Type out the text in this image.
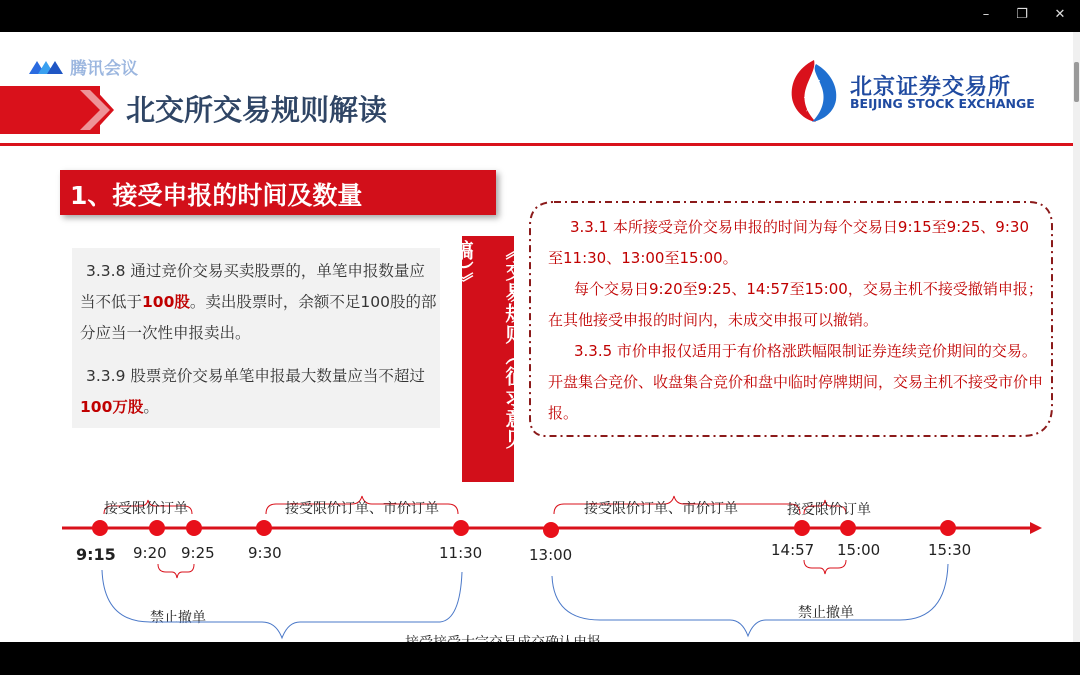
–	❐	✕
腾讯会议
北交所交易规则解读
北京证券交易所
BEIJING STOCK EXCHANGE
1、接受申报的时间及数量
3.3.8 通过竞价交易买卖股票的，单笔申报数量应当不低于100股。卖出股票时，余额不足100股的部分应当一次性申报卖出。
3.3.9 股票竞价交易单笔申报最大数量应当不超过100万股。	《交易规则（征求意见稿）》
3.3.1 本所接受竞价交易申报的时间为每个交易日9:15至9:25、9:30至11:30、13:00至15:00。
每个交易日9:20至9:25、14:57至15:00，交易主机不接受撤销申报；在其他接受申报的时间内，未成交申报可以撤销。
3.3.5 市价申报仅适用于有价格涨跌幅限制证券连续竞价期间的交易。开盘集合竞价、收盘集合竞价和盘中临时停牌期间，交易主机不接受市价申报。
9:15 9:20 9:25 9:30	11:30	13:00	14:57 15:00	15:30
接受限价订单	接受限价订单、市价订单	接受限价订单、市价订单	接受限价订单
禁止撤单	禁止撤单
